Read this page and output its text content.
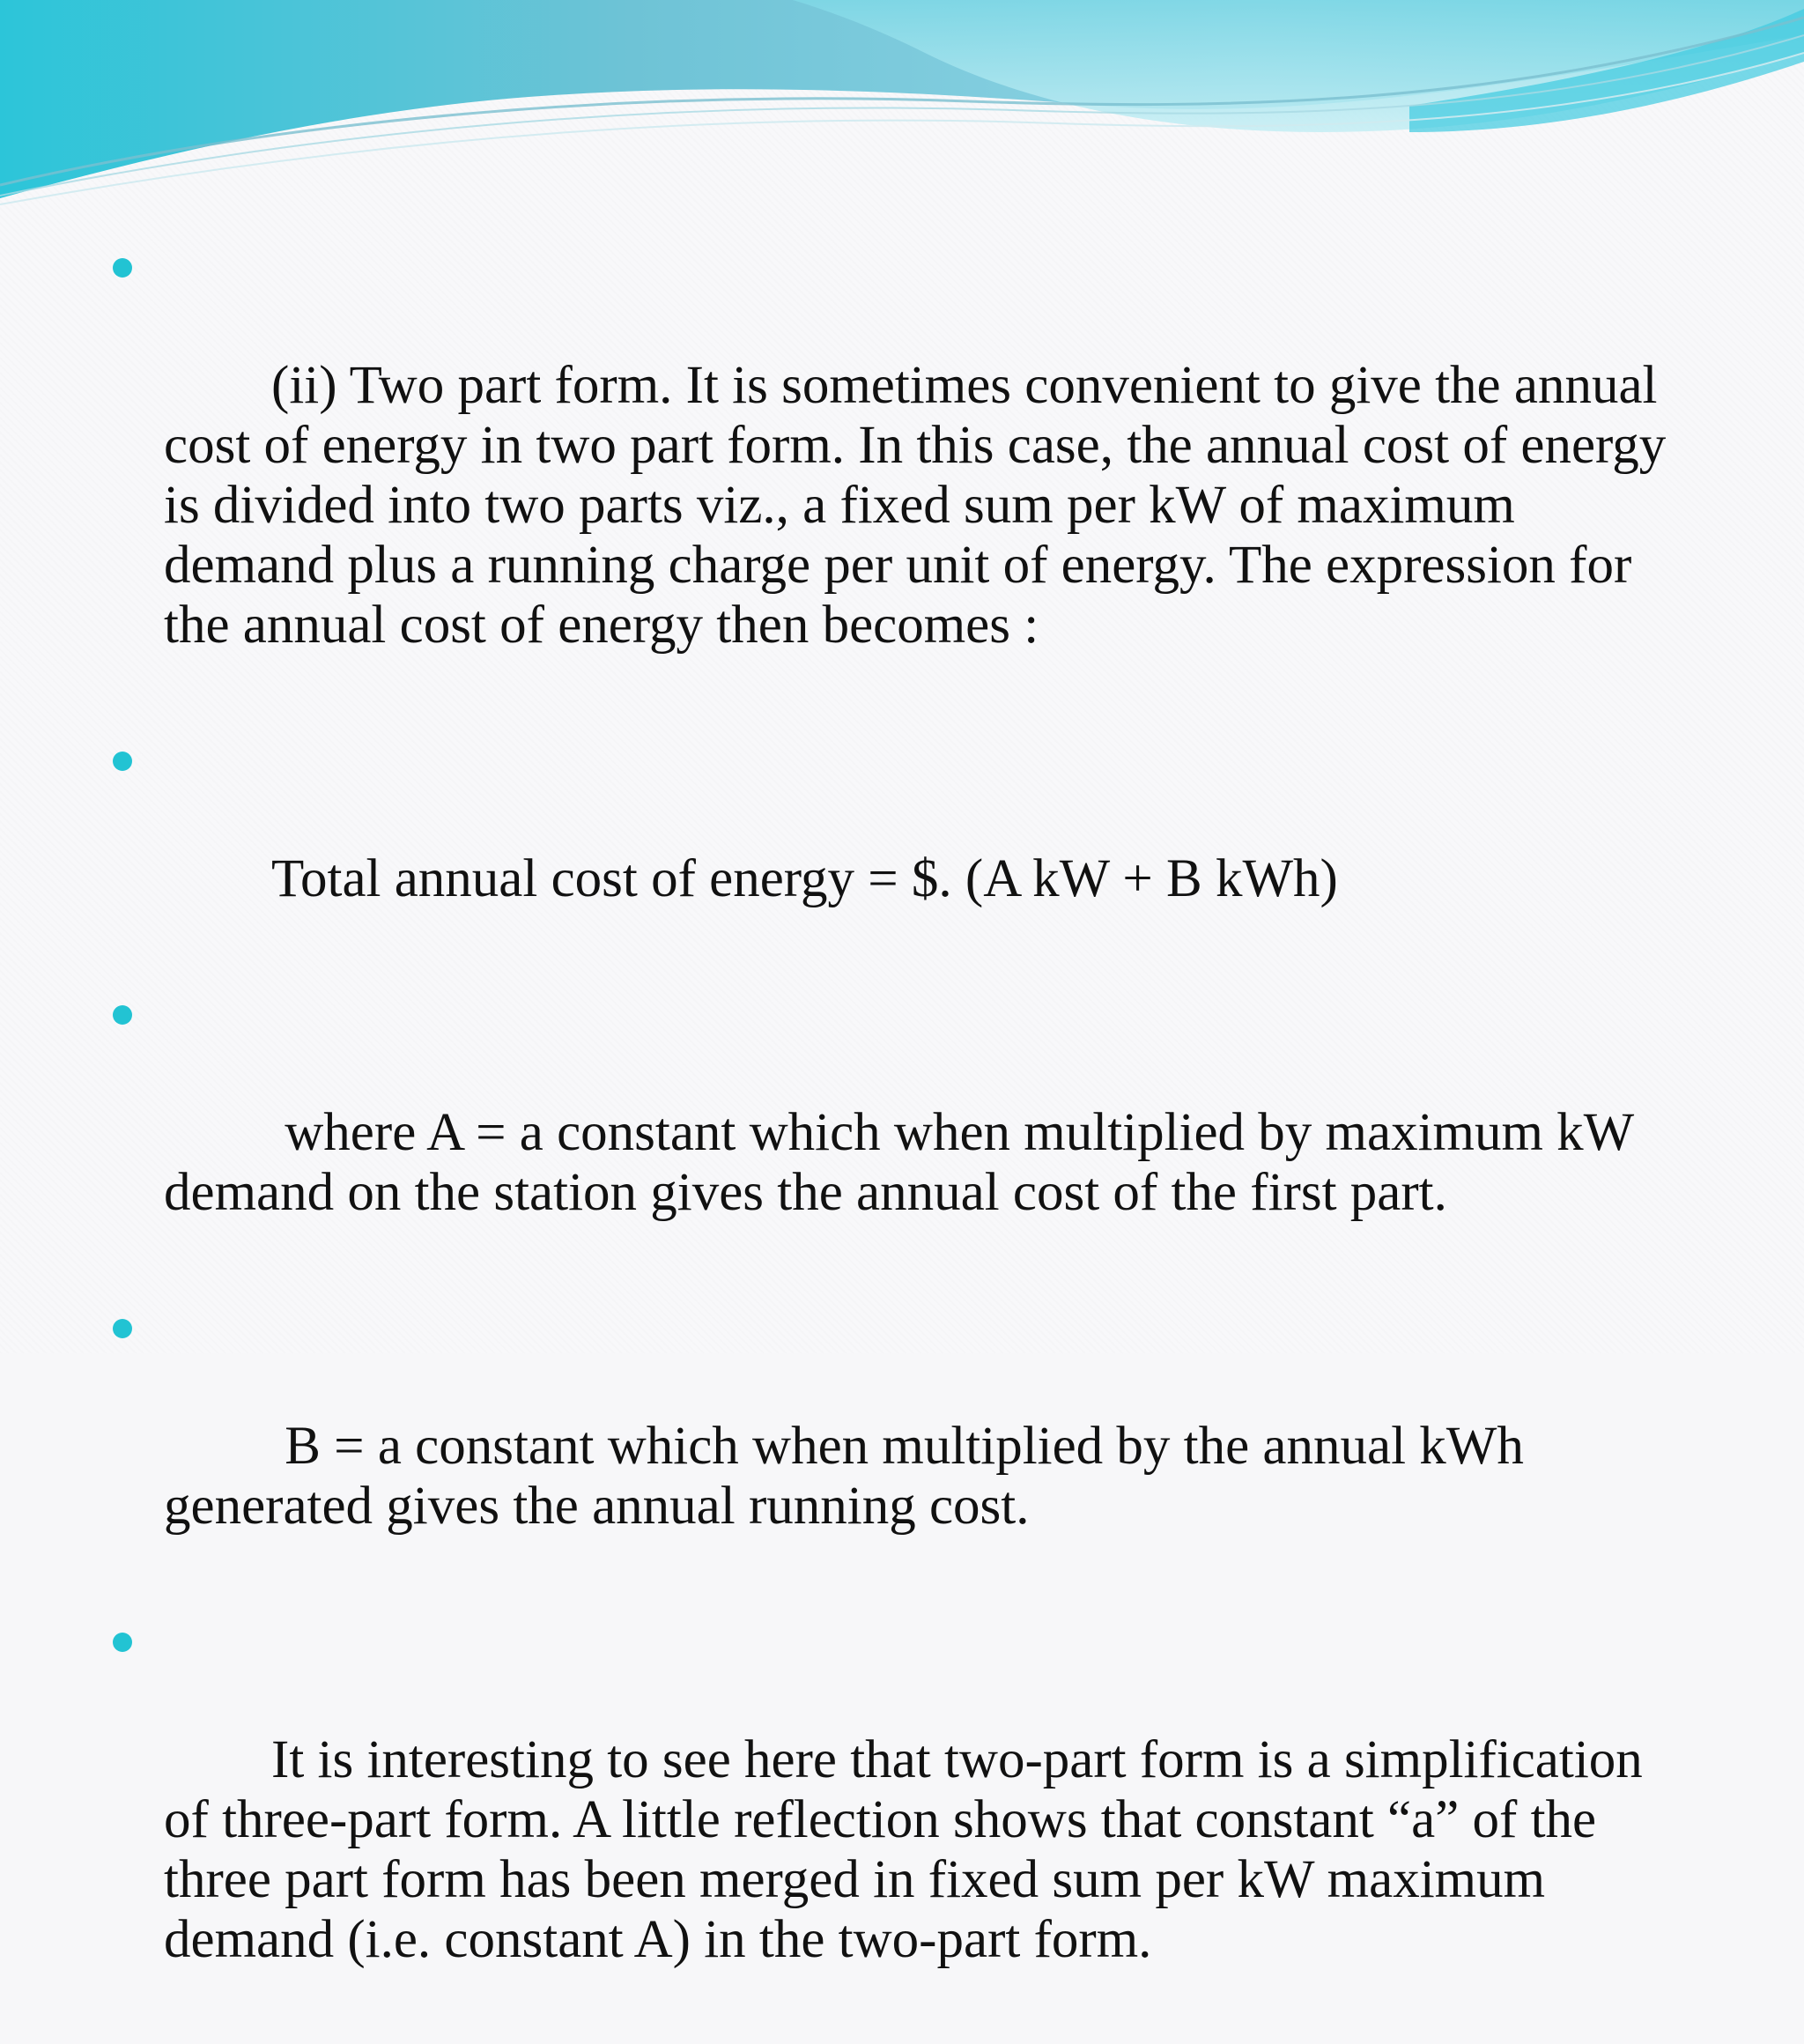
(ii) Two part form. It is sometimes convenient to give the annual cost of energy in two part form. In this case, the annual cost of energy is divided into two parts viz., a fixed sum per kW of maximum demand plus a running charge per unit of energy. The expression for the annual cost of energy then becomes :

Total annual cost of energy = $. (A kW + B kWh)

where A = a constant which when multiplied by maximum kW demand on the station gives the annual cost of the first part.

B = a constant which when multiplied by the annual kWh generated gives the annual running cost.

It is interesting to see here that two-part form is a simplification of three-part form. A little reflection shows that constant “a” of the three part form has been merged in fixed sum per kW maximum demand (i.e. constant A) in the two-part form.
